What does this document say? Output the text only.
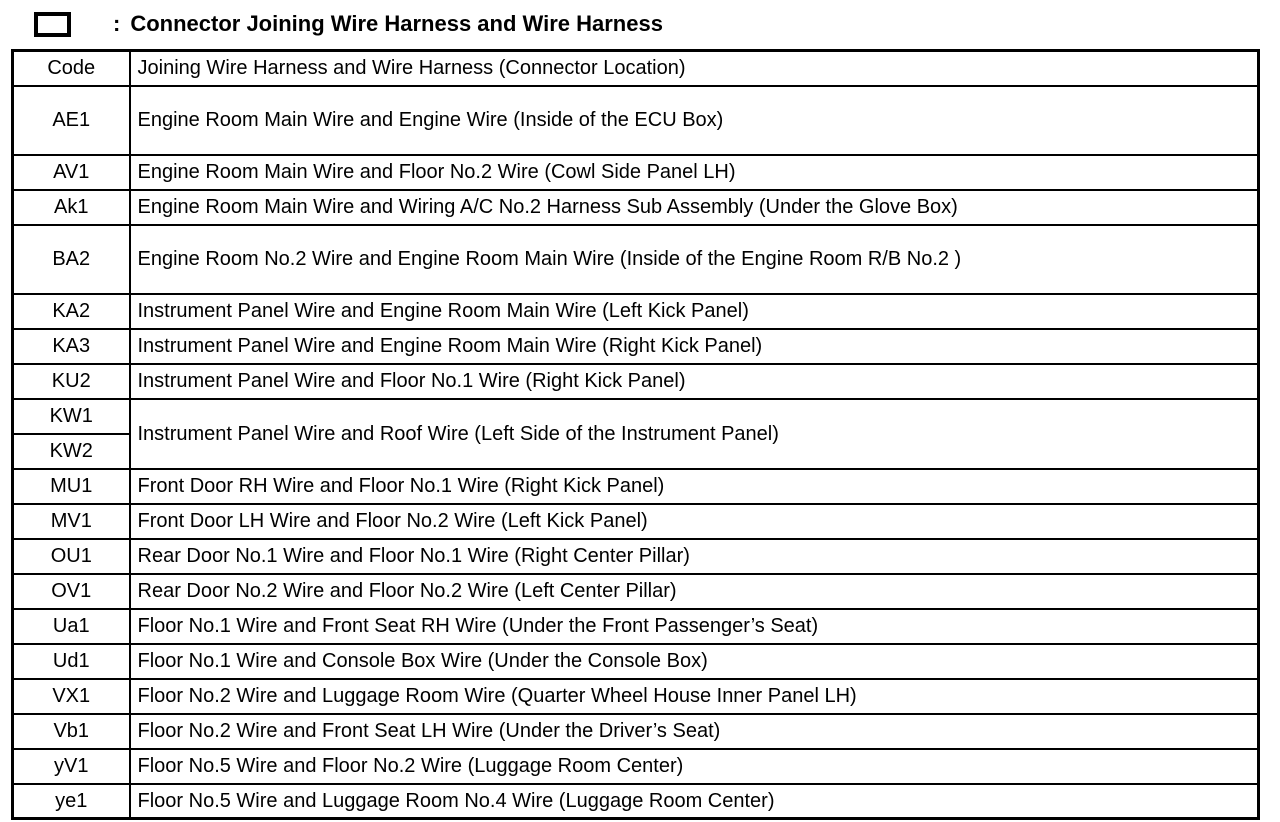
: Connector Joining Wire Harness and Wire Harness
Code	Joining Wire Harness and Wire Harness (Connector Location)
AE1	Engine Room Main Wire and Engine Wire (Inside of the ECU Box)
AV1	Engine Room Main Wire and Floor No.2 Wire (Cowl Side Panel LH)
Ak1	Engine Room Main Wire and Wiring A/C No.2 Harness Sub Assembly (Under the Glove Box)
BA2	Engine Room No.2 Wire and Engine Room Main Wire (Inside of the Engine Room R/B No.2 )
KA2	Instrument Panel Wire and Engine Room Main Wire (Left Kick Panel)
KA3	Instrument Panel Wire and Engine Room Main Wire (Right Kick Panel)
KU2	Instrument Panel Wire and Floor No.1 Wire (Right Kick Panel)
KW1	Instrument Panel Wire and Roof Wire (Left Side of the Instrument Panel)
KW2	
MU1	Front Door RH Wire and Floor No.1 Wire (Right Kick Panel)
MV1	Front Door LH Wire and Floor No.2 Wire (Left Kick Panel)
OU1	Rear Door No.1 Wire and Floor No.1 Wire (Right Center Pillar)
OV1	Rear Door No.2 Wire and Floor No.2 Wire (Left Center Pillar)
Ua1	Floor No.1 Wire and Front Seat RH Wire (Under the Front Passenger’s Seat)
Ud1	Floor No.1 Wire and Console Box Wire (Under the Console Box)
VX1	Floor No.2 Wire and Luggage Room Wire (Quarter Wheel House Inner Panel LH)
Vb1	Floor No.2 Wire and Front Seat LH Wire (Under the Driver’s Seat)
yV1	Floor No.5 Wire and Floor No.2 Wire (Luggage Room Center)
ye1	Floor No.5 Wire and Luggage Room No.4 Wire (Luggage Room Center)
